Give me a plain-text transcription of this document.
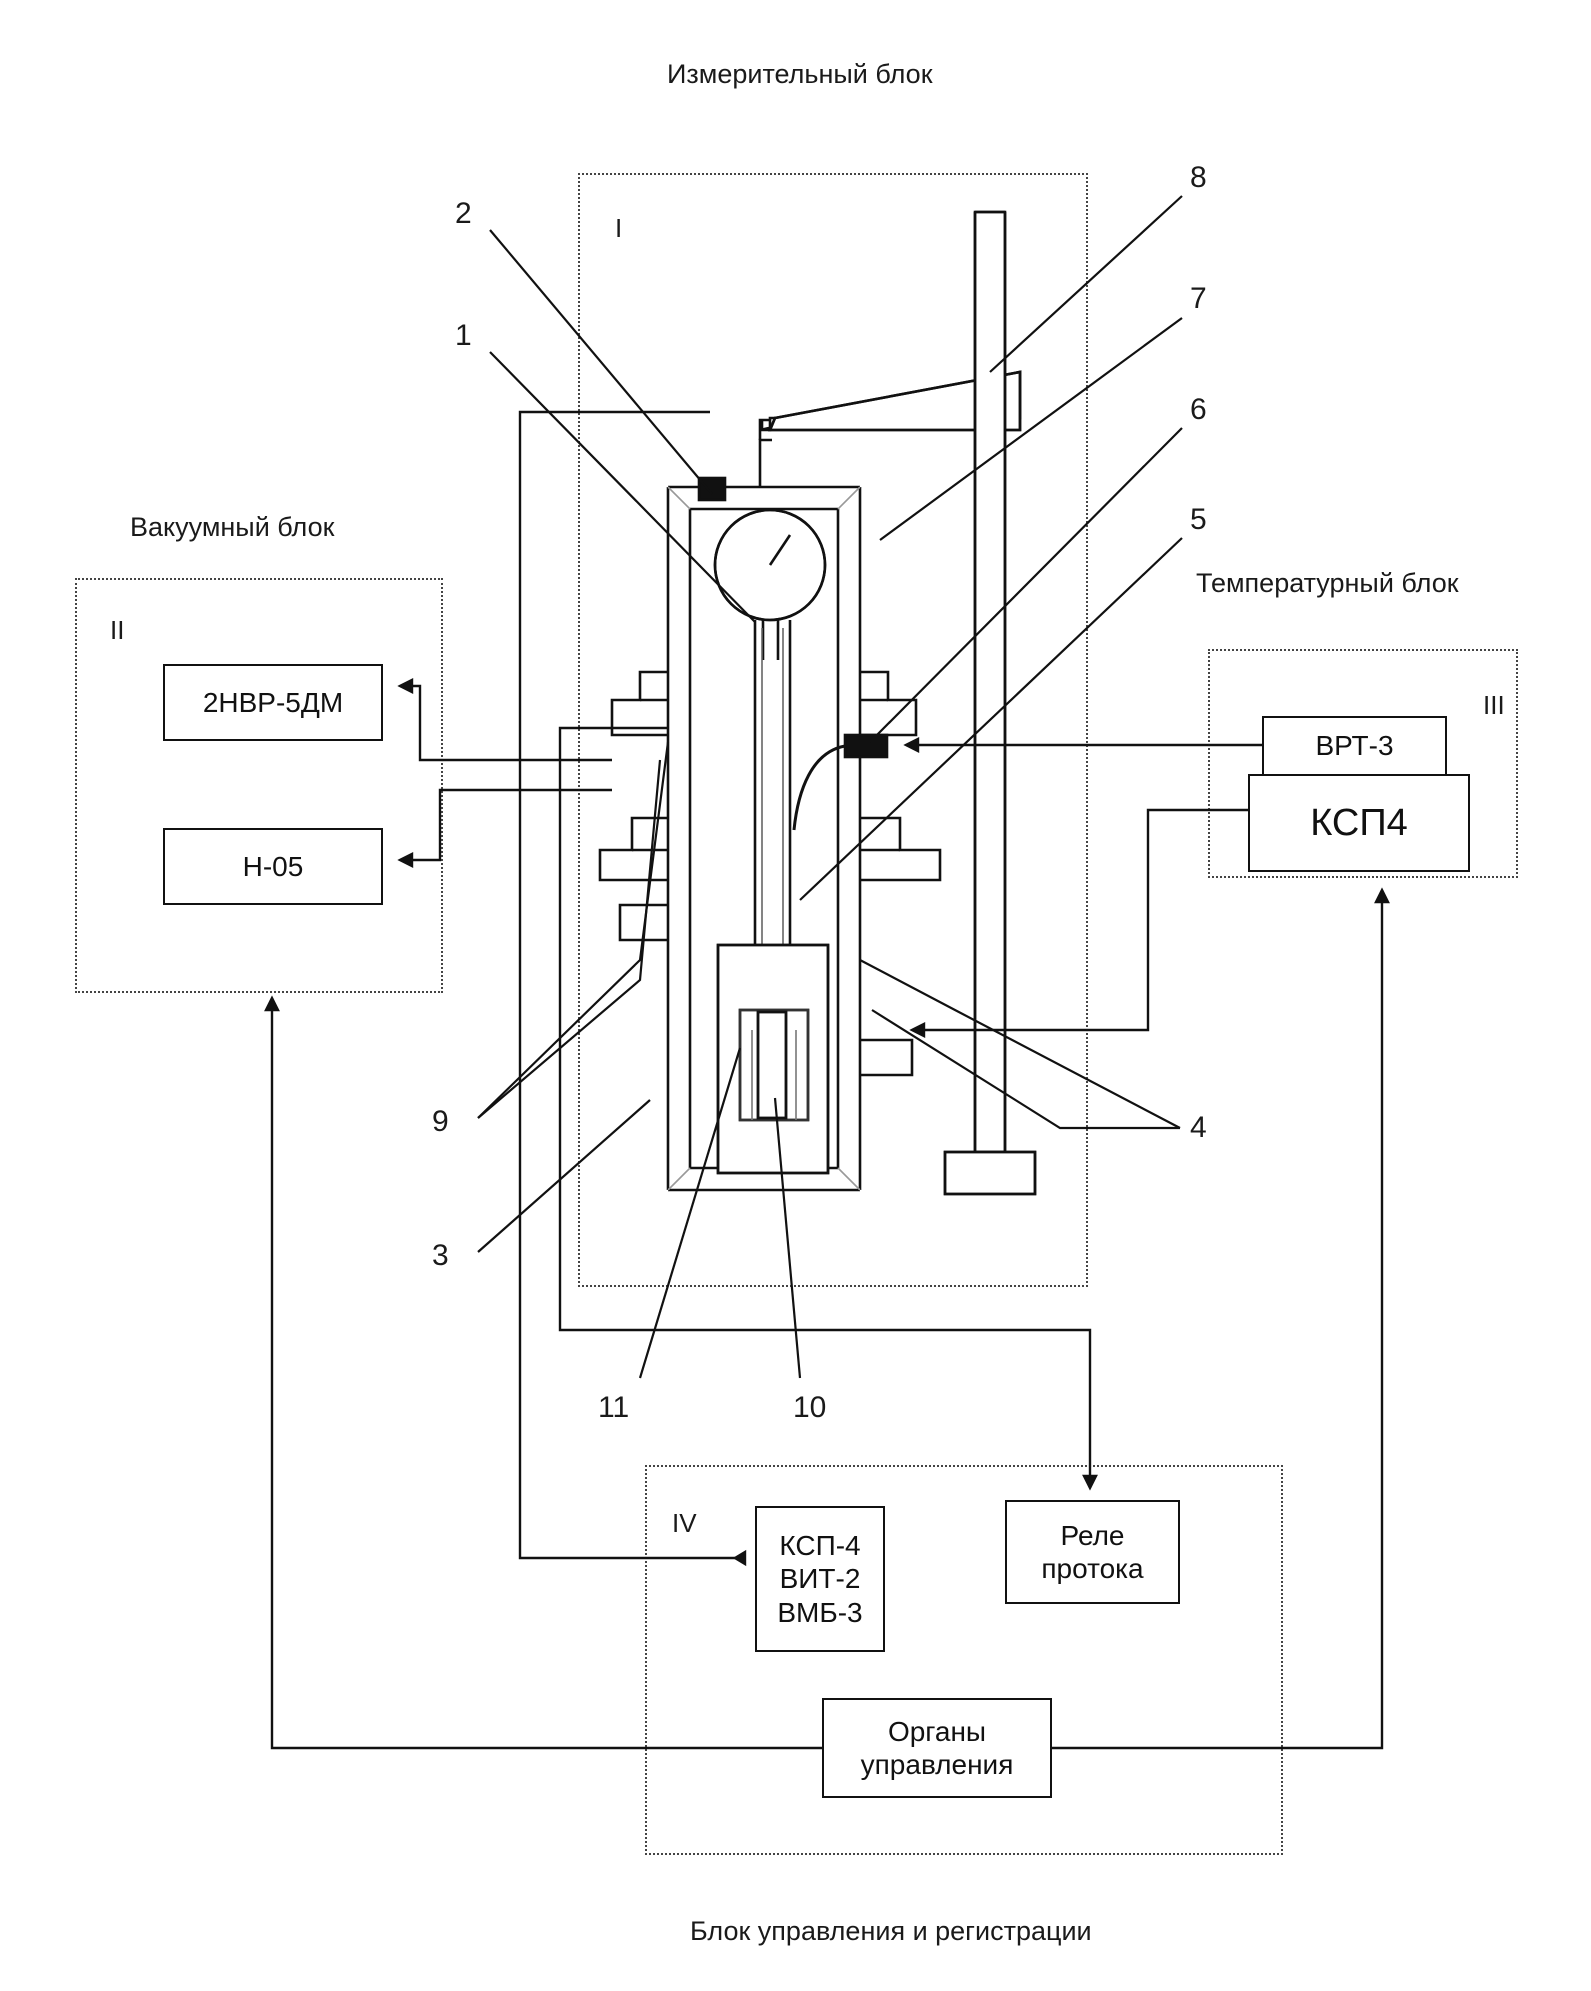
Измерительный блок
Вакуумный блок
Температурный блок
Блок управления и регистрации
I
II
III
IV
2НВР-5ДМ
Н-05
ВРТ-3
КСП4
КСП-4
ВИТ-2
ВМБ-3
Реле
протока
Органы
управления
2
1
8
7
6
5
4
9
3
11	10
